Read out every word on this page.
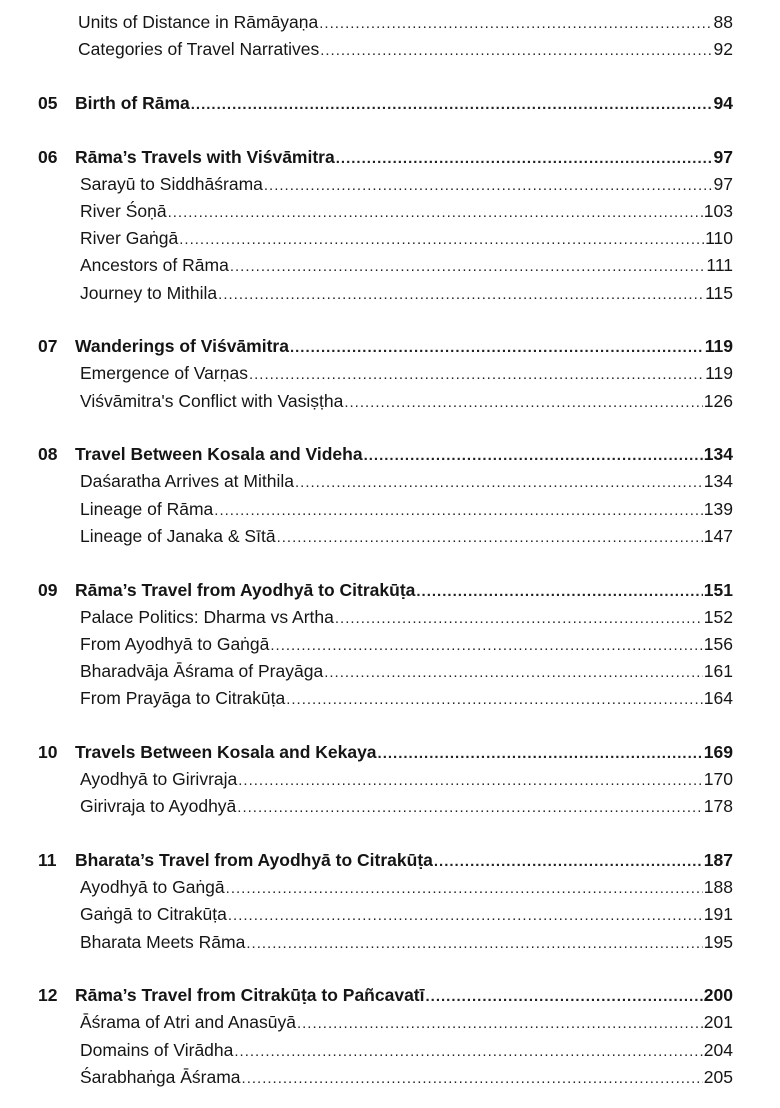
Units of Distance in Rāmāyaṇa .....	88
Categories of Travel Narratives .....	92
05	Birth of Rāma .....	94
06	Rāma’s Travels with Viśvāmitra .....	97
Sarayū to Siddhāśrama .....	97
River Śoṇā .....	103
River Gaṅgā .....	110
Ancestors of Rāma .....	111
Journey to Mithila .....	115
07	Wanderings of Viśvāmitra .....	119
Emergence of Varṇas .....	119
Viśvāmitra's Conflict with Vasiṣṭha .....	126
08	Travel Between Kosala and Videha .....	134
Daśaratha Arrives at Mithila .....	134
Lineage of Rāma .....	139
Lineage of Janaka & Sītā .....	147
09	Rāma’s Travel from Ayodhyā to Citrakūṭa .....	151
Palace Politics: Dharma vs Artha .....	152
From Ayodhyā to Gaṅgā .....	156
Bharadvāja Āśrama of Prayāga .....	161
From Prayāga to Citrakūṭa .....	164
10	Travels Between Kosala and Kekaya .....	169
Ayodhyā to Girivraja .....	170
Girivraja to Ayodhyā .....	178
11	Bharata’s Travel from Ayodhyā to Citrakūṭa .....	187
Ayodhyā to Gaṅgā .....	188
Gaṅgā to Citrakūṭa .....	191
Bharata Meets Rāma .....	195
12	Rāma’s Travel from Citrakūṭa to Pañcavatī .....	200
Āśrama of Atri and Anasūyā .....	201
Domains of Virādha .....	204
Śarabhaṅga Āśrama .....	205
